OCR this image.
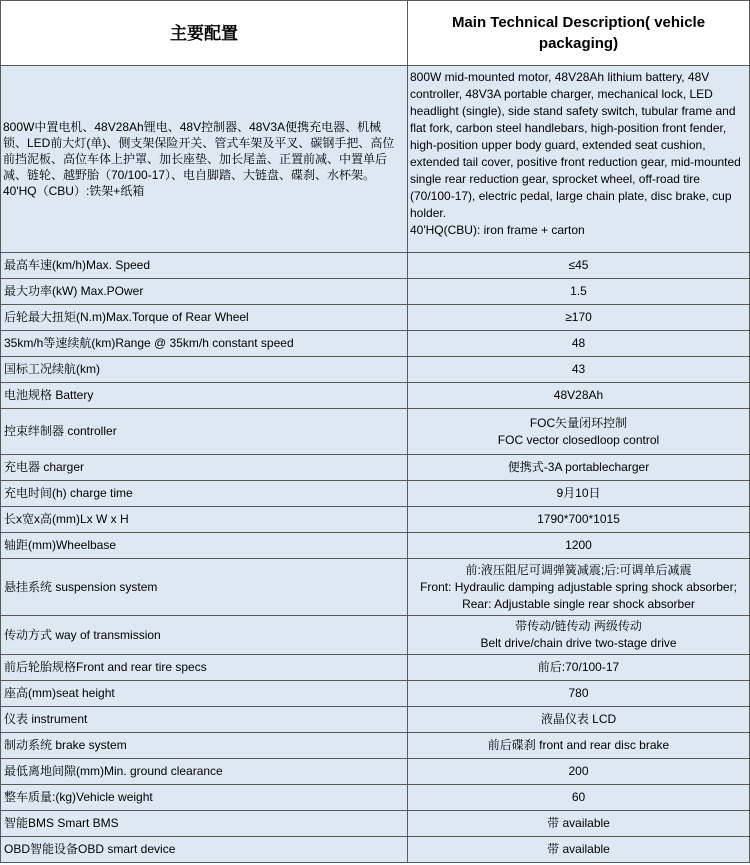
主要配置	Main Technical Description( vehicle packaging)
800W中置电机、48V28Ah锂电、48V控制器、48V3A便携充电器、机械锁、LED前大灯(单)、侧支架保险开关、管式车架及平叉、碳钢手把、高位前挡泥板、高位车体上护罩、加长座垫、加长尾盖、正置前减、中置单后减、链轮、越野胎（70/100-17）、电自脚踏、大链盘、碟刹、水杯架。40'HQ（CBU）:铁架+纸箱	800W mid-mounted motor, 48V28Ah lithium battery, 48V controller, 48V3A portable charger, mechanical lock, LED headlight (single), side stand safety switch, tubular frame and flat fork, carbon steel handlebars, high-position front fender, high-position upper body guard, extended seat cushion, extended tail cover, positive front reduction gear, mid-mounted single rear reduction gear, sprocket wheel, off-road tire (70/100-17), electric pedal, large chain plate, disc brake, cup holder.
40'HQ(CBU): iron frame + carton

最高车速(km/h)Max. Speed	≤45
最大功率(kW) Max.POwer	1.5
后轮最大扭矩(N.m)Max.Torque of Rear Wheel	≥170
35km/h等速续航(km)Range @ 35km/h constant speed	48
国标工况续航(km)	43
电池规格 Battery	48V28Ah
控束绊制器 controller	FOC矢量闭环控制
FOC vector closedloop control

充电器 charger	便携式-3A portablecharger
充电时间(h) charge time	9月10日
长x宽x高(mm)Lx W x H	1790*700*1015
轴距(mm)Wheelbase	1200
悬挂系统 suspension system	前:液压阻尼可调弹簧减震;后:可调单后减震
Front: Hydraulic damping adjustable spring shock absorber; Rear: Adjustable single rear shock absorber

传动方式 way of transmission	带传动/链传动 两级传动
Belt drive/chain drive two-stage drive

前后轮胎规格Front and rear tire specs	前后:70/100-17
座高(mm)seat height	780
仪表 instrument	液晶仪表 LCD
制动系统 brake system	前后碟刹 front and rear disc brake
最低离地间隙(mm)Min. ground clearance	200
整车质量:(kg)Vehicle weight	60
智能BMS Smart BMS	带 available
OBD智能设备OBD smart device	带 available
